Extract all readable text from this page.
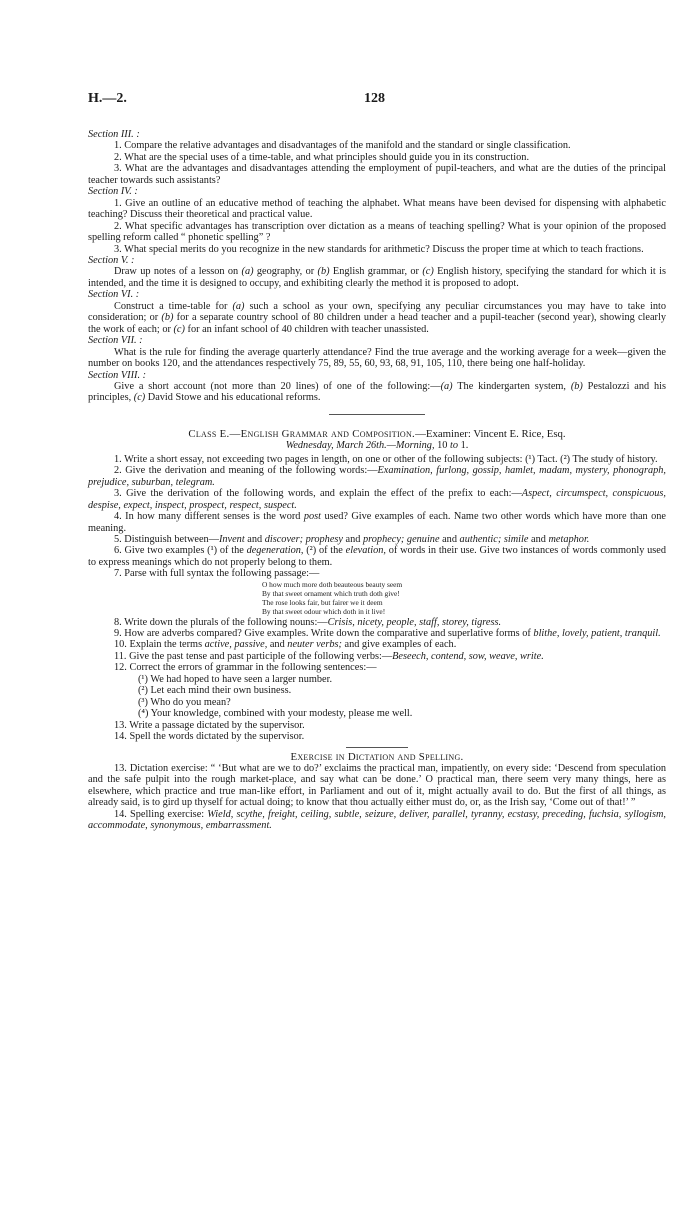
H.—2.	128
Section III. :
1. Compare the relative advantages and disadvantages of the manifold and the standard or single classification.
2. What are the special uses of a time-table, and what principles should guide you in its construction.
3. What are the advantages and disadvantages attending the employment of pupil-teachers, and what are the duties of the principal teacher towards such assistants?
Section IV. :
1. Give an outline of an educative method of teaching the alphabet. What means have been devised for dispensing with alphabetic teaching? Discuss their theoretical and practical value.
2. What specific advantages has transcription over dictation as a means of teaching spelling? What is your opinion of the proposed spelling reform called “ phonetic spelling” ?
3. What special merits do you recognize in the new standards for arithmetic? Discuss the proper time at which to teach fractions.
Section V. :
Draw up notes of a lesson on (a) geography, or (b) English grammar, or (c) English history, specifying the standard for which it is intended, and the time it is designed to occupy, and exhibiting clearly the method it is proposed to adopt.
Section VI. :
Construct a time-table for (a) such a school as your own, specifying any peculiar circumstances you may have to take into consideration; or (b) for a separate country school of 80 children under a head teacher and a pupil-teacher (second year), showing clearly the work of each; or (c) for an infant school of 40 children with teacher unassisted.
Section VII. :
What is the rule for finding the average quarterly attendance? Find the true average and the working average for a week—given the number on books 120, and the attendances respectively 75, 89, 55, 60, 93, 68, 91, 105, 110, there being one half-holiday.
Section VIII. :
Give a short account (not more than 20 lines) of one of the following:—(a) The kindergarten system, (b) Pestalozzi and his principles, (c) David Stowe and his educational reforms.
Class E.—English Grammar and Composition.—Examiner: Vincent E. Rice, Esq.
Wednesday, March 26th.—Morning, 10 to 1.
1. Write a short essay, not exceeding two pages in length, on one or other of the following subjects: (¹) Tact. (²) The study of history.
2. Give the derivation and meaning of the following words:—Examination, furlong, gossip, hamlet, madam, mystery, phonograph, prejudice, suburban, telegram.
3. Give the derivation of the following words, and explain the effect of the prefix to each:—Aspect, circumspect, conspicuous, despise, expect, inspect, prospect, respect, suspect.
4. In how many different senses is the word post used? Give examples of each. Name two other words which have more than one meaning.
5. Distinguish between—Invent and discover; prophesy and prophecy; genuine and authentic; simile and metaphor.
6. Give two examples (¹) of the degeneration, (²) of the elevation, of words in their use. Give two instances of words commonly used to express meanings which do not properly belong to them.
7. Parse with full syntax the following passage:—
O how much more doth beauteous beauty seem
By that sweet ornament which truth doth give!
The rose looks fair, but fairer we it deem
By that sweet odour which doth in it live!
8. Write down the plurals of the following nouns:—Crisis, nicety, people, staff, storey, tigress.
9. How are adverbs compared? Give examples. Write down the comparative and superlative forms of blithe, lovely, patient, tranquil.
10. Explain the terms active, passive, and neuter verbs; and give examples of each.
11. Give the past tense and past participle of the following verbs:—Beseech, contend, sow, weave, write.
12. Correct the errors of grammar in the following sentences:—
(¹) We had hoped to have seen a larger number.
(²) Let each mind their own business.
(³) Who do you mean?
(⁴) Your knowledge, combined with your modesty, please me well.
13. Write a passage dictated by the supervisor.
14. Spell the words dictated by the supervisor.
Exercise in Dictation and Spelling.
13. Dictation exercise: “ ‘But what are we to do?’ exclaims the practical man, impatiently, on every side: ‘Descend from speculation and the safe pulpit into the rough market-place, and say what can be done.’ O practical man, there seem very many things, here as elsewhere, which practice and true man-like effort, in Parliament and out of it, might actually avail to do. But the first of all things, as already said, is to gird up thyself for actual doing; to know that thou actually either must do, or, as the Irish say, ‘Come out of that!’ ”
14. Spelling exercise: Wield, scythe, freight, ceiling, subtle, seizure, deliver, parallel, tyranny, ecstasy, preceding, fuchsia, syllogism, accommodate, synonymous, embarrassment.
